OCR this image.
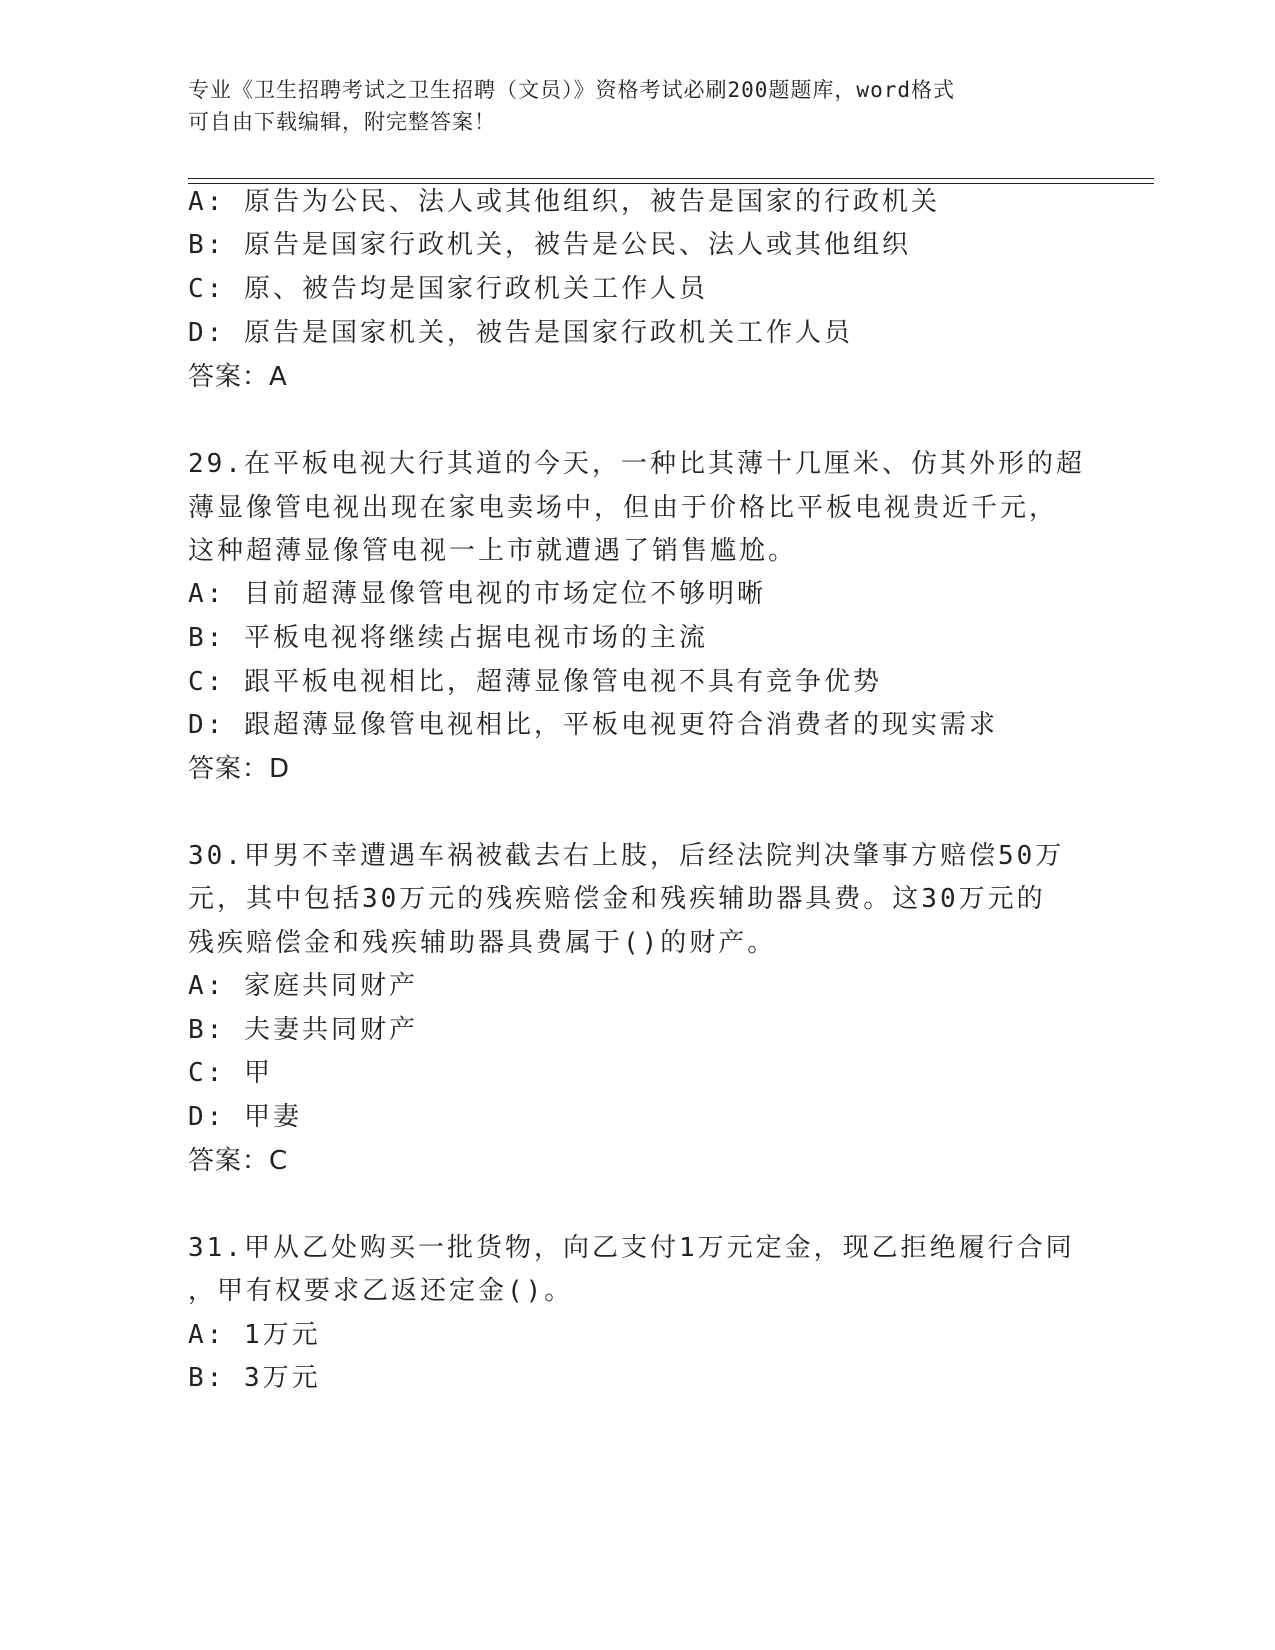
专业《卫生招聘考试之卫生招聘（文员）》资格考试必刷200题题库，word格式
可自由下载编辑，附完整答案！
A: 原告为公民、法人或其他组织，被告是国家的行政机关
B: 原告是国家行政机关，被告是公民、法人或其他组织
C: 原、被告均是国家行政机关工作人员
D: 原告是国家机关，被告是国家行政机关工作人员
答案：A
29.在平板电视大行其道的今天，一种比其薄十几厘米、仿其外形的超
薄显像管电视出现在家电卖场中，但由于价格比平板电视贵近千元，
这种超薄显像管电视一上市就遭遇了销售尴尬。
A: 目前超薄显像管电视的市场定位不够明晰
B: 平板电视将继续占据电视市场的主流
C: 跟平板电视相比，超薄显像管电视不具有竞争优势
D: 跟超薄显像管电视相比，平板电视更符合消费者的现实需求
答案：D
30.甲男不幸遭遇车祸被截去右上肢，后经法院判决肇事方赔偿50万
元，其中包括30万元的残疾赔偿金和残疾辅助器具费。这30万元的
残疾赔偿金和残疾辅助器具费属于()的财产。
A: 家庭共同财产
B: 夫妻共同财产
C: 甲
D: 甲妻
答案：C
31.甲从乙处购买一批货物，向乙支付1万元定金，现乙拒绝履行合同
，甲有权要求乙返还定金()。
A: 1万元
B: 3万元
